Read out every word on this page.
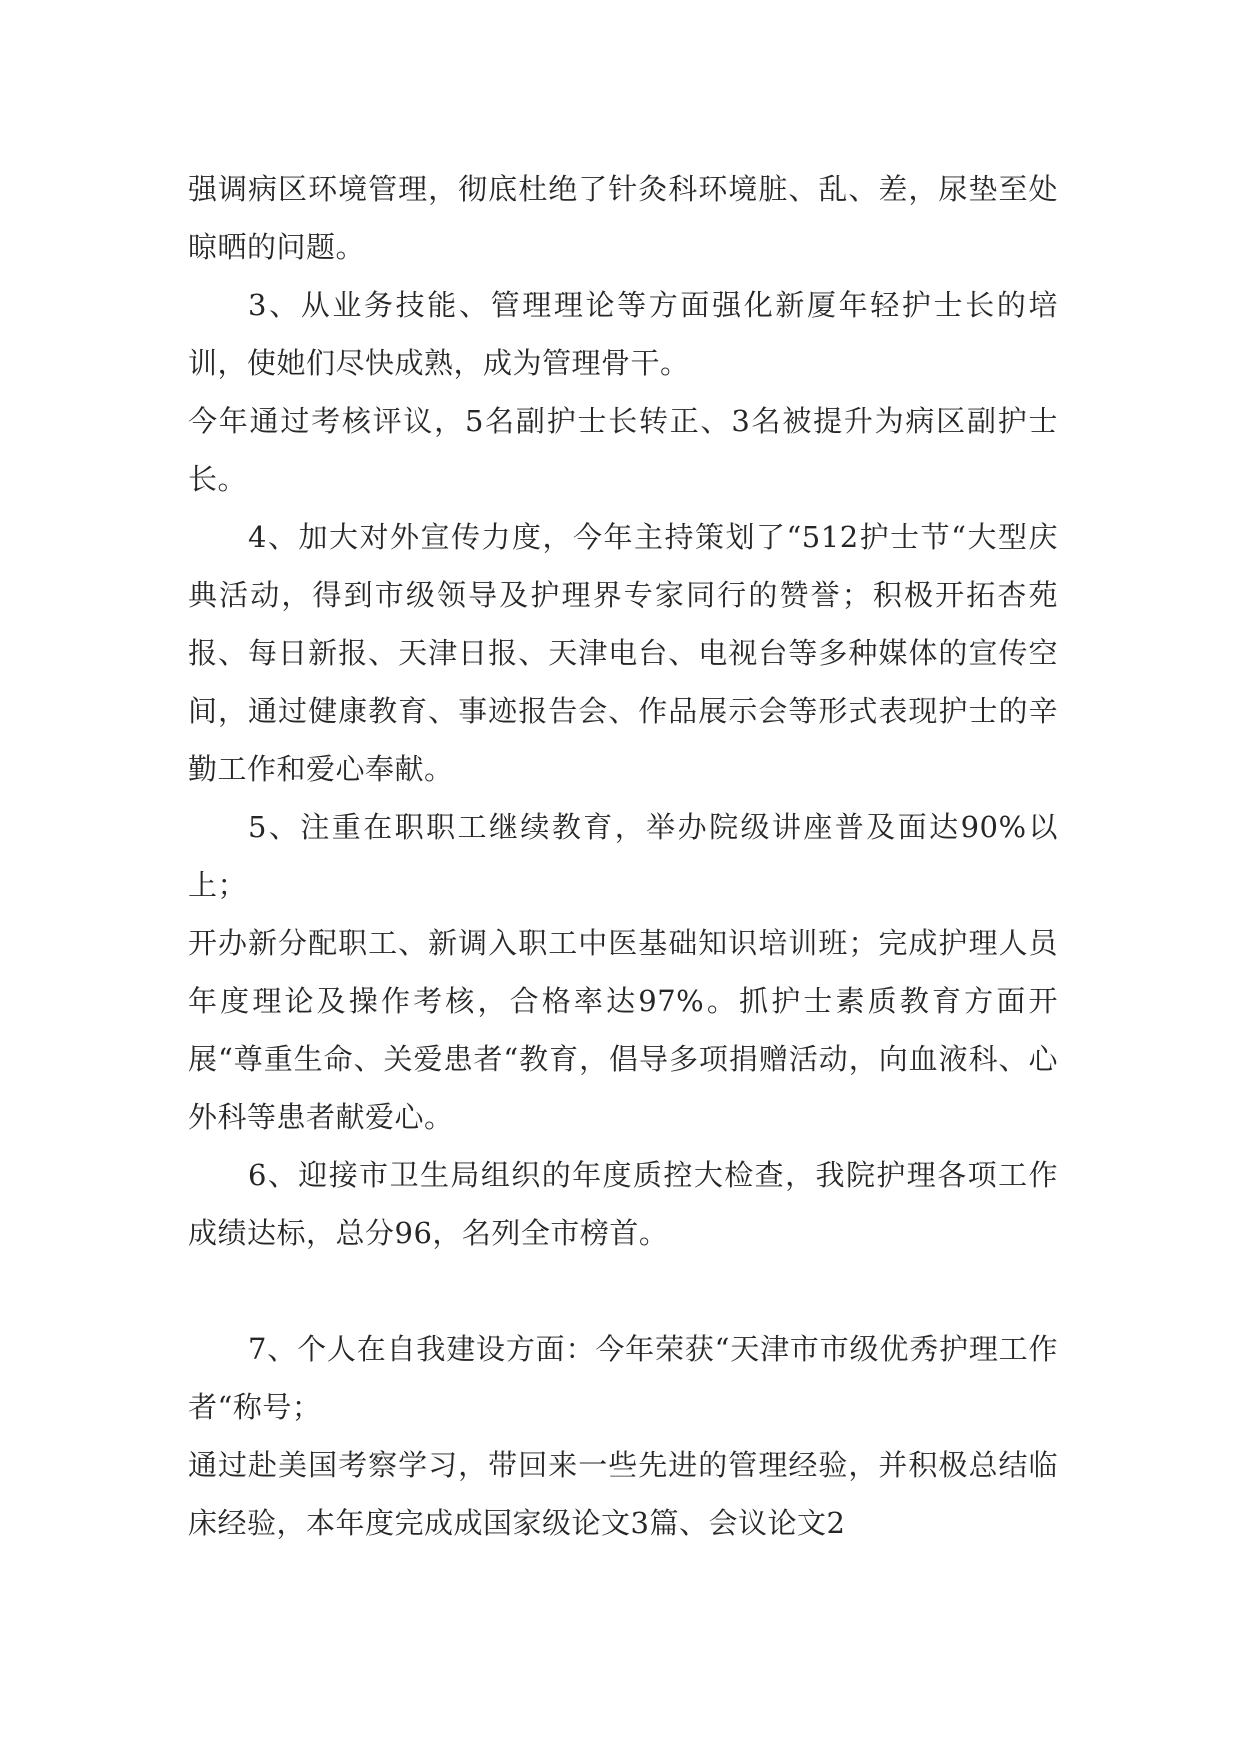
强调病区环境管理，彻底杜绝了针灸科环境脏、乱、差，尿垫至处晾晒的问题。

3、从业务技能、管理理论等方面强化新厦年轻护士长的培训，使她们尽快成熟，成为管理骨干。

今年通过考核评议，5名副护士长转正、3名被提升为病区副护士长。

4、加大对外宣传力度，今年主持策划了“512护士节“大型庆典活动，得到市级领导及护理界专家同行的赞誉；积极开拓杏苑报、每日新报、天津日报、天津电台、电视台等多种媒体的宣传空间，通过健康教育、事迹报告会、作品展示会等形式表现护士的辛勤工作和爱心奉献。

5、注重在职职工继续教育，举办院级讲座普及面达90%以上；

开办新分配职工、新调入职工中医基础知识培训班；完成护理人员年度理论及操作考核，合格率达97%。抓护士素质教育方面开展“尊重生命、关爱患者“教育，倡导多项捐赠活动，向血液科、心外科等患者献爱心。

6、迎接市卫生局组织的年度质控大检查，我院护理各项工作成绩达标，总分96，名列全市榜首。

7、个人在自我建设方面：今年荣获“天津市市级优秀护理工作者“称号；

通过赴美国考察学习，带回来一些先进的管理经验，并积极总结临床经验，本年度完成成国家级论文3篇、会议论文2
